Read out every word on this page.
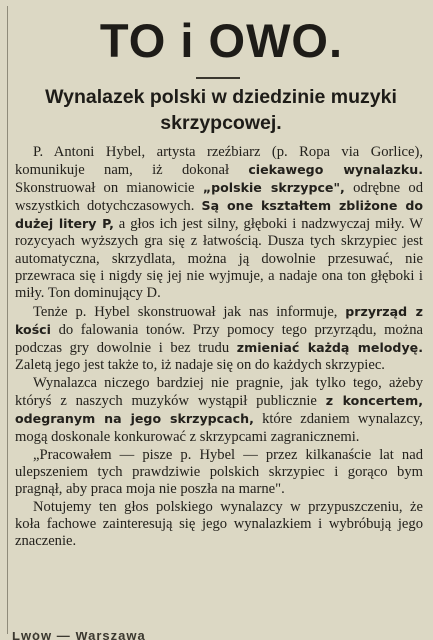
TO i OWO.
Wynalazek polski w dziedzinie muzyki skrzypcowej.

P. Antoni Hybel, artysta rzeźbiarz (p. Ropa via Gorlice), komunikuje nam, iż dokonał ciekawego wynalazku. Skonstruował on mianowicie „polskie skrzypce", odrębne od wszystkich dotychczasowych. Są one kształtem zbliżone do dużej litery P, a głos ich jest silny, głęboki i nadzwyczaj miły. W rozycyach wyższych gra się z łatwością. Dusza tych skrzypiec jest automatyczna, skrzydlata, można ją dowolnie przesuwać, nie przewraca się i nigdy się jej nie wyjmuje, a nadaje ona ton głęboki i miły. Ton dominujący D.

Tenże p. Hybel skonstruował jak nas informuje, przyrząd z kości do falowania tonów. Przy pomocy tego przyrządu, można podczas gry dowolnie i bez trudu zmieniać każdą melodyę. Zaletą jego jest także to, iż nadaje się on do każdych skrzypiec.

Wynalazca niczego bardziej nie pragnie, jak tylko tego, ażeby któryś z naszych muzyków wystąpił publicznie z koncertem, odegranym na jego skrzypcach, które zdaniem wynalazcy, mogą doskonale konkurować z skrzypcami zagranicznemi.

„Pracowałem — pisze p. Hybel — przez kilkanaście lat nad ulepszeniem tych prawdziwie polskich skrzypiec i gorąco bym pragnął, aby praca moja nie poszła na marne".

Notujemy ten głos polskiego wynalazcy w przypuszczeniu, że koła fachowe zainteresują się jego wynalazkiem i wybróbują jego znaczenie.

Lwów — Warszawa
